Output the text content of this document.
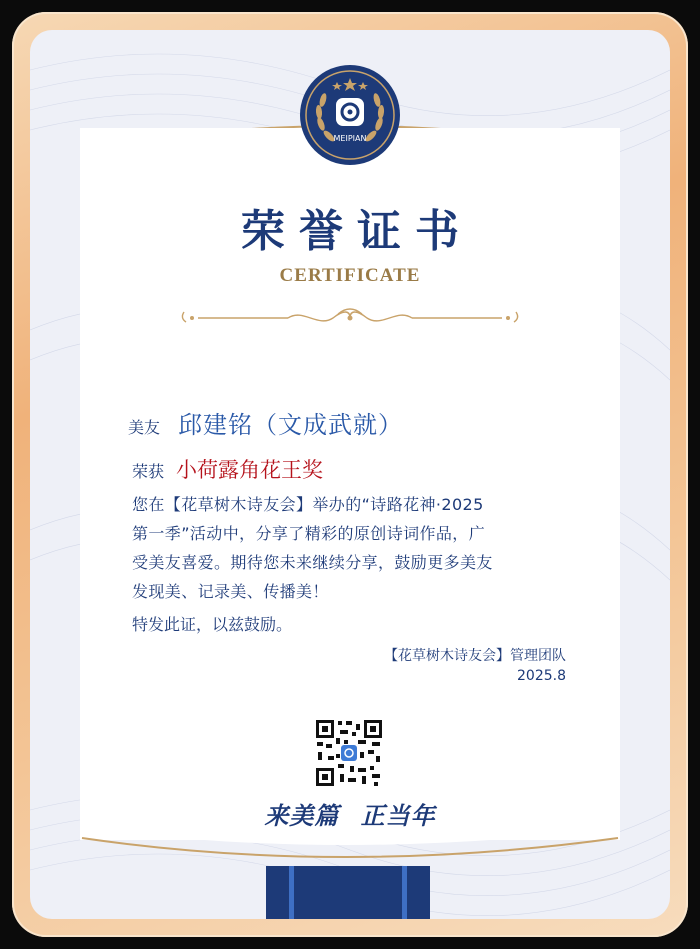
MEIPIAN
荣誉证书
CERTIFICATE
美友 邱建铭（文成武就）
荣获 小荷露角花王奖
您在【花草树木诗友会】举办的“诗路花神·2025
第一季”活动中，分享了精彩的原创诗词作品，广
受美友喜爱。期待您未来继续分享，鼓励更多美友
发现美、记录美、传播美！
特发此证，以兹鼓励。
【花草树木诗友会】管理团队
2025.8
来美篇 正当年
